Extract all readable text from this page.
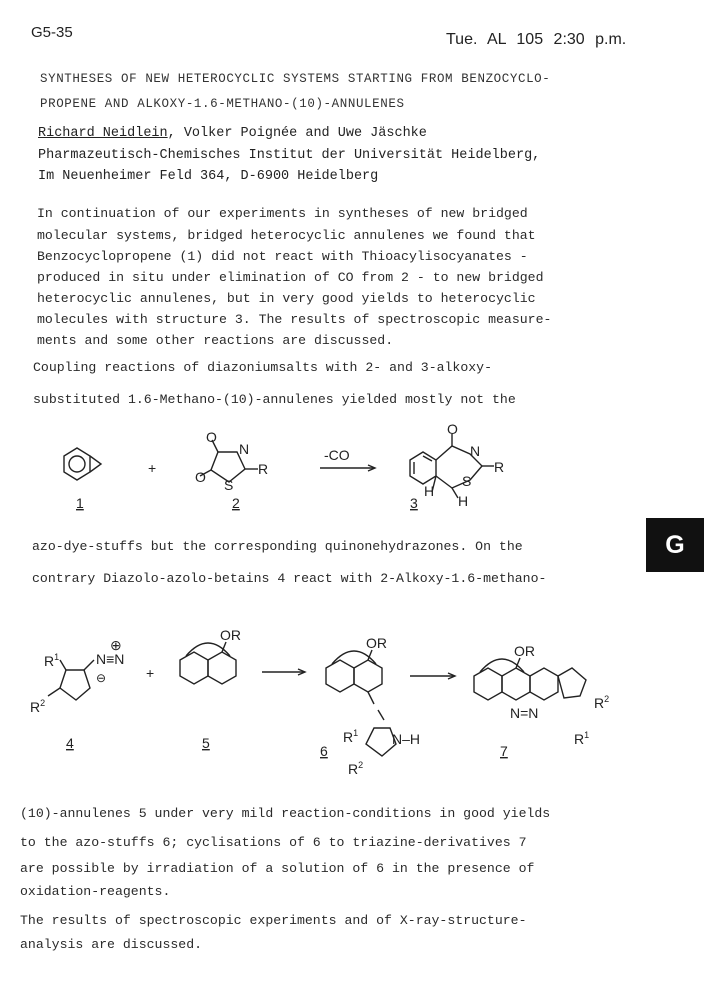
G5-35	Tue. AL 105 2:30 p.m.
SYNTHESES OF NEW HETEROCYCLIC SYSTEMS STARTING FROM BENZOCYCLO-
PROPENE AND ALKOXY-1.6-METHANO-(10)-ANNULENES
Richard Neidlein, Volker Poignée and Uwe Jäschke
Pharmazeutisch-Chemisches Institut der Universität Heidelberg,
Im Neuenheimer Feld 364, D-6900 Heidelberg
In continuation of our experiments in syntheses of new bridged
molecular systems, bridged heterocyclic annulenes we found that
Benzocyclopropene (1) did not react with Thioacylisocyanates -
produced in situ under elimination of CO from 2 - to new bridged
heterocyclic annulenes, but in very good yields to heterocyclic
molecules with structure 3. The results of spectroscopic measure-
ments and some other reactions are discussed.
Coupling reactions of diazoniumsalts with 2- and 3-alkoxy-
substituted 1.6-Methano-(10)-annulenes yielded mostly not the
+
O
N
O S
R
-CO
O
N
R
S
H
H
1	2	3
azo-dye-stuffs but the corresponding quinonehydrazones. On the
contrary Diazolo-azolo-betains 4 react with 2-Alkoxy-1.6-methano-
G
$R^1$
$R^2$
N≡N
⊕
⊖	+
OR	OR
N–H
$R^1$
$R^2$
OR
N=N
$R^2$
$R^1$
4	5	6	7
(10)-annulenes 5 under very mild reaction-conditions in good yields
to the azo-stuffs 6; cyclisations of 6 to triazine-derivatives 7
are possible by irradiation of a solution of 6 in the presence of
oxidation-reagents.
The results of spectroscopic experiments and of X-ray-structure-
analysis are discussed.
